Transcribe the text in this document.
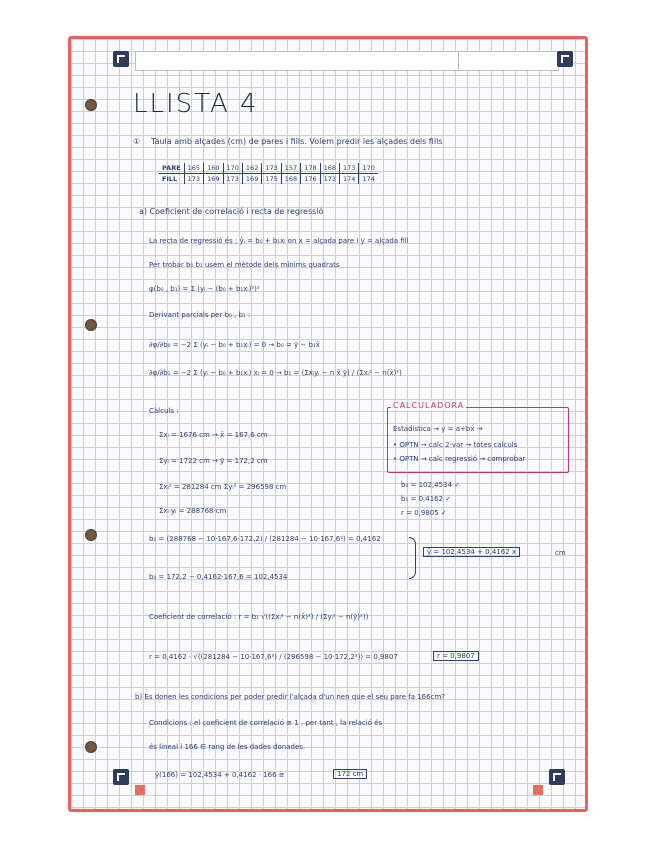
LLISTA 4
① Taula amb alçades (cm) de pares i fills. Volem predir les alçades dels fills
PARE	165	160	170	162	173	157	178	168	173	170
FILL	173	169	173	169	175	168	176	173	174	174
a) Coeficient de correlació i recta de regressió
La recta de regressió és : ŷᵢ = b₀ + b₁xᵢ on x = alçada pare i y = alçada fill
Per trobar b₀ b₁ usem el mètode dels mínims quadrats
φ(b₀ , b₁) = Σ (yᵢ − (b₀ + b₁xᵢ)²)²
Derivant parcials per b₀ , b₁ :
∂φ/∂b₀ = −2 Σ (yᵢ − b₀ + b₁xᵢ) = 0 → b₀ = ȳ − b₁x̄
∂φ/∂b₁ = −2 Σ (yᵢ − b₀ + b₁xᵢ) xᵢ = 0 → b₁ = (Σxᵢyᵢ − n x̄ ȳ) / (Σxᵢ² − n(x̄)²)
Càlculs :
Σxᵢ = 1676 cm → x̄ = 167,6 cm
Σyᵢ = 1722 cm → ȳ = 172,2 cm
Σxᵢ² = 281284 cm Σyᵢ² = 296598 cm
Σxᵢ·yᵢ = 288768 cm
CALCULADORA
Estadística → y = a+bx →
• OPTN → calc 2-var → totes calculs
• OPTN → calc regressió → comprobar
b₀ = 102,4534 ✓
b₁ = 0,4162 ✓
r = 0,9805 ✓
b₁ = (288768 − 10·167,6·172,2) / (281284 − 10·167,6²) = 0,4162
b₀ = 172,2 − 0,4162·167,6 = 102,4534
ŷ = 102,4534 + 0,4162 x	cm
Coeficient de correlació : r = b₁ √((Σxᵢ² − n(x̄)²) / (Σyᵢ² − n(ȳ)²))
r = 0,4162 · √((281284 − 10·167,6²) / (296598 − 10·172,2²)) = 0,9807	r = 0,9807
b) Es donen les condicions per poder predir l'alçada d'un nen que el seu pare fa 166cm?
Condicions : el coeficient de correlació ≅ 1 , per tant , la relació és
és lineal i 166 ∈ rang de les dades donades.
ŷ(166) = 102,4534 + 0,4162 · 166 ≅	172 cm
